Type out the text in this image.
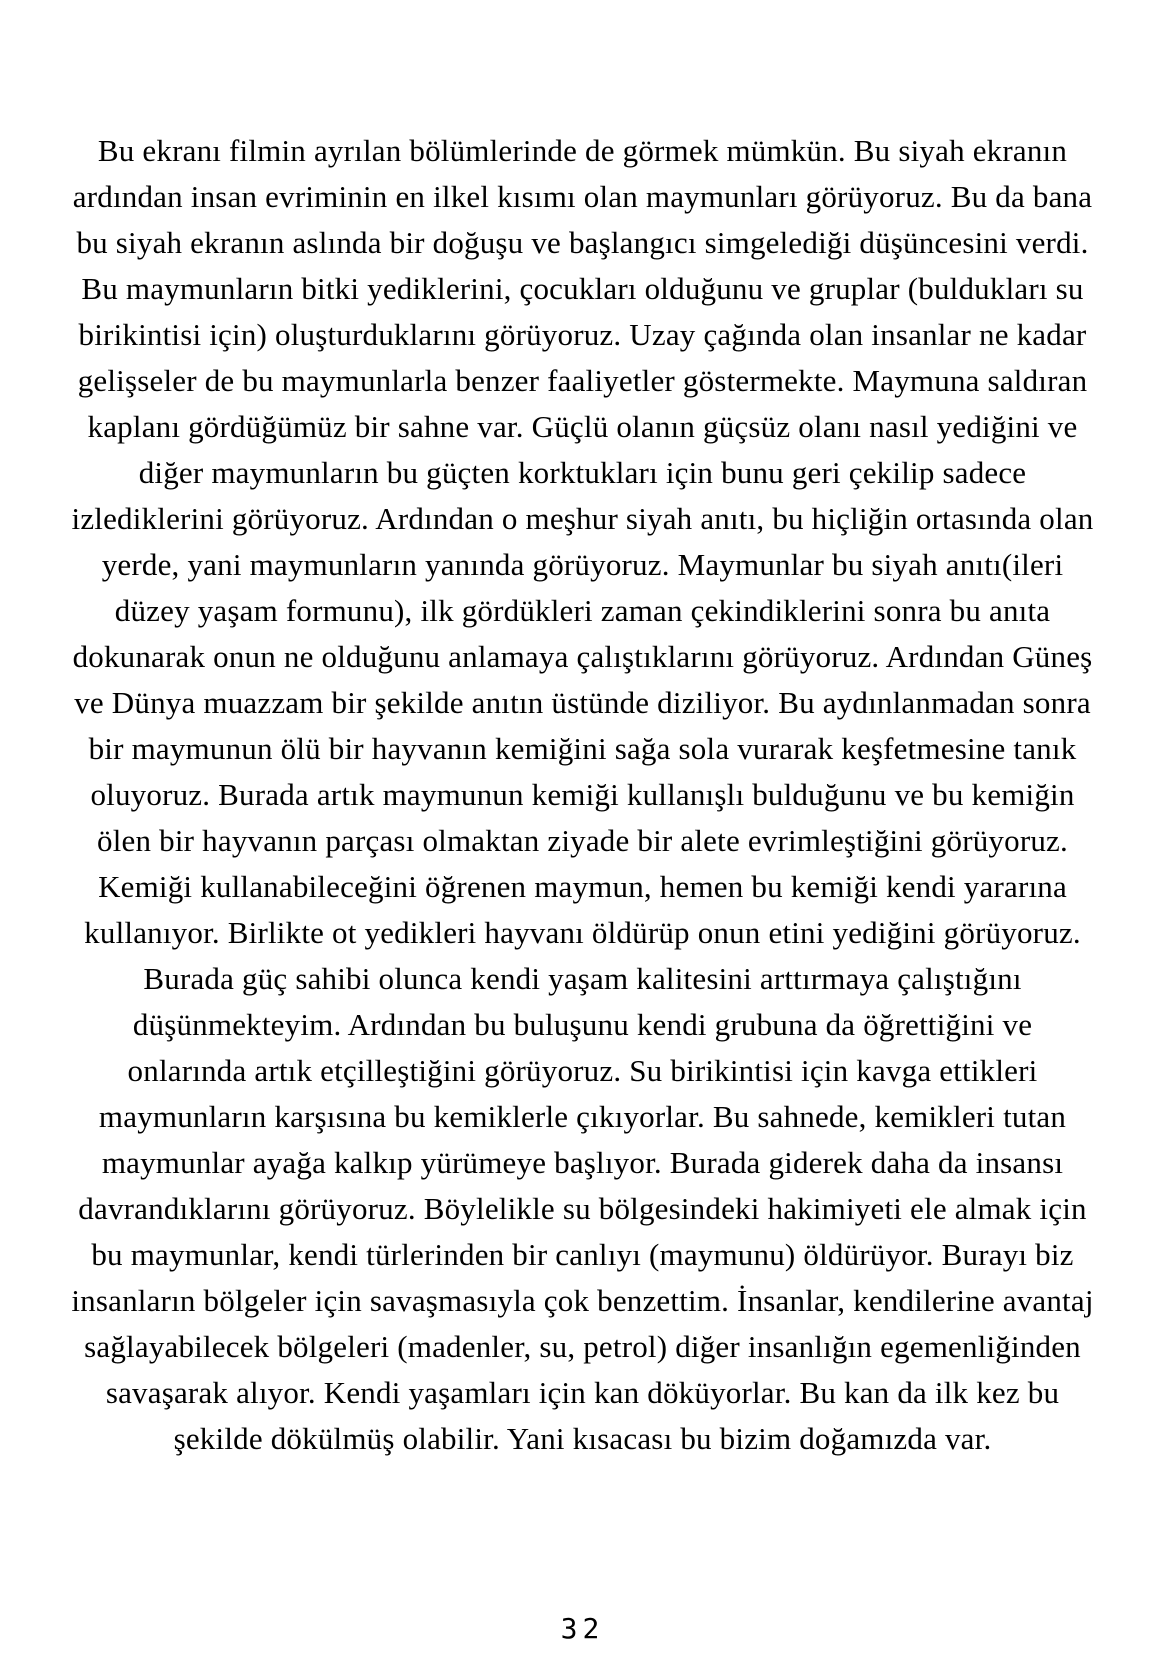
Bu ekranı filmin ayrılan bölümlerinde de görmek mümkün. Bu siyah ekranın
ardından insan evriminin en ilkel kısımı olan maymunları görüyoruz. Bu da bana
bu siyah ekranın aslında bir doğuşu ve başlangıcı simgelediği düşüncesini verdi.
Bu maymunların bitki yediklerini, çocukları olduğunu ve gruplar (buldukları su
birikintisi için) oluşturduklarını görüyoruz. Uzay çağında olan insanlar ne kadar
gelişseler de bu maymunlarla benzer faaliyetler göstermekte. Maymuna saldıran
kaplanı gördüğümüz bir sahne var. Güçlü olanın güçsüz olanı nasıl yediğini ve
diğer maymunların bu güçten korktukları için bunu geri çekilip sadece
izlediklerini görüyoruz. Ardından o meşhur siyah anıtı, bu hiçliğin ortasında olan
yerde, yani maymunların yanında görüyoruz. Maymunlar bu siyah anıtı(ileri
düzey yaşam formunu), ilk gördükleri zaman çekindiklerini sonra bu anıta
dokunarak onun ne olduğunu anlamaya çalıştıklarını görüyoruz. Ardından Güneş
ve Dünya muazzam bir şekilde anıtın üstünde diziliyor. Bu aydınlanmadan sonra
bir maymunun ölü bir hayvanın kemiğini sağa sola vurarak keşfetmesine tanık
oluyoruz. Burada artık maymunun kemiği kullanışlı bulduğunu ve bu kemiğin
ölen bir hayvanın parçası olmaktan ziyade bir alete evrimleştiğini görüyoruz.
Kemiği kullanabileceğini öğrenen maymun, hemen bu kemiği kendi yararına
kullanıyor. Birlikte ot yedikleri hayvanı öldürüp onun etini yediğini görüyoruz.
Burada güç sahibi olunca kendi yaşam kalitesini arttırmaya çalıştığını
düşünmekteyim. Ardından bu buluşunu kendi grubuna da öğrettiğini ve
onlarında artık etçilleştiğini görüyoruz. Su birikintisi için kavga ettikleri
maymunların karşısına bu kemiklerle çıkıyorlar. Bu sahnede, kemikleri tutan
maymunlar ayağa kalkıp yürümeye başlıyor. Burada giderek daha da insansı
davrandıklarını görüyoruz. Böylelikle su bölgesindeki hakimiyeti ele almak için
bu maymunlar, kendi türlerinden bir canlıyı (maymunu) öldürüyor. Burayı biz
insanların bölgeler için savaşmasıyla çok benzettim. İnsanlar, kendilerine avantaj
sağlayabilecek bölgeleri (madenler, su, petrol) diğer insanlığın egemenliğinden
savaşarak alıyor. Kendi yaşamları için kan döküyorlar. Bu kan da ilk kez bu
şekilde dökülmüş olabilir. Yani kısacası bu bizim doğamızda var.
32
